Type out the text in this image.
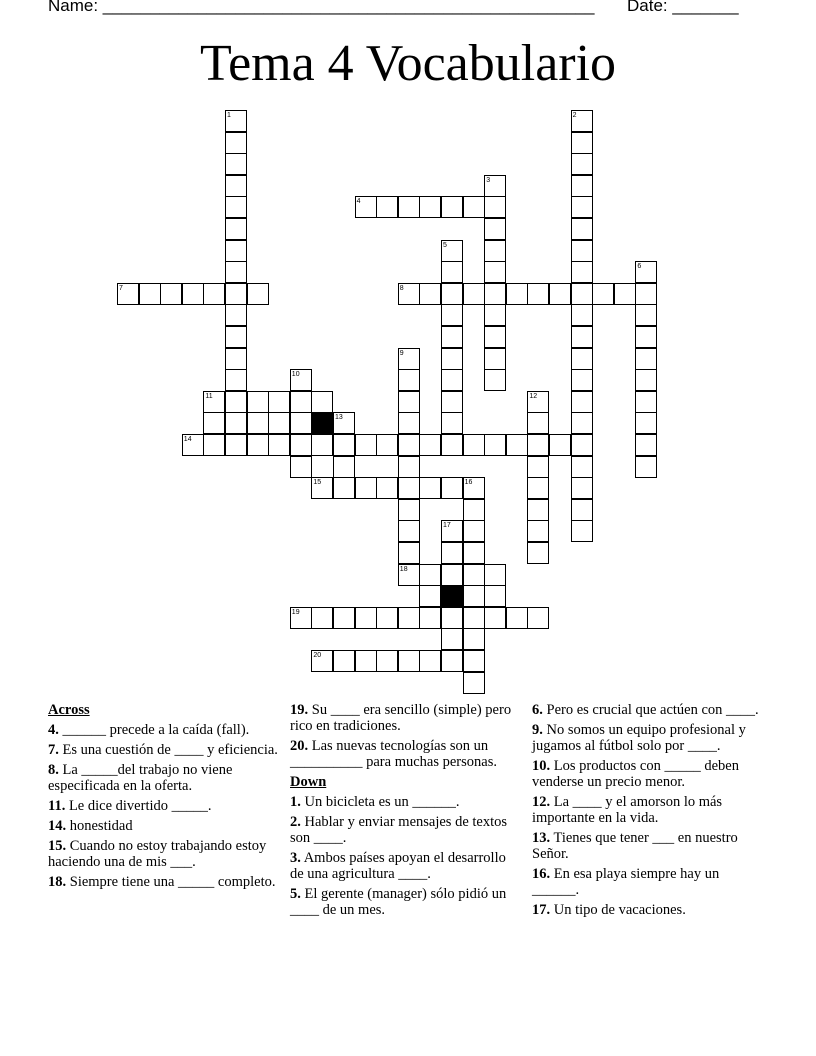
Name: ____________________________________________________ Date: _______
Tema 4 Vocabulario
1	2
3
4
5
6
7	8
9
10
11	12
13
14
15	16
17
18
19
20
Across
4. ______ precede a la caída (fall).
7. Es una cuestión de ____ y eficiencia.
8. La _____del trabajo no viene especificada en la oferta.
11. Le dice divertido _____.
14. honestidad
15. Cuando no estoy trabajando estoy haciendo una de mis ___.
18. Siempre tiene una _____ completo.
19. Su ____ era sencillo (simple) pero rico en tradiciones.
20. Las nuevas tecnologías son un __________ para muchas personas.
Down
1. Un bicicleta es un ______.
2. Hablar y enviar mensajes de textos son ____.
3. Ambos países apoyan el desarrollo de una agricultura ____.
5. El gerente (manager) sólo pidió un ____ de un mes.
6. Pero es crucial que actúen con ____.
9. No somos un equipo profesional y jugamos al fútbol solo por ____.
10. Los productos con _____ deben venderse un precio menor.
12. La ____ y el amorson lo más importante en la vida.
13. Tienes que tener ___ en nuestro Señor.
16. En esa playa siempre hay un ______.
17. Un tipo de vacaciones.
